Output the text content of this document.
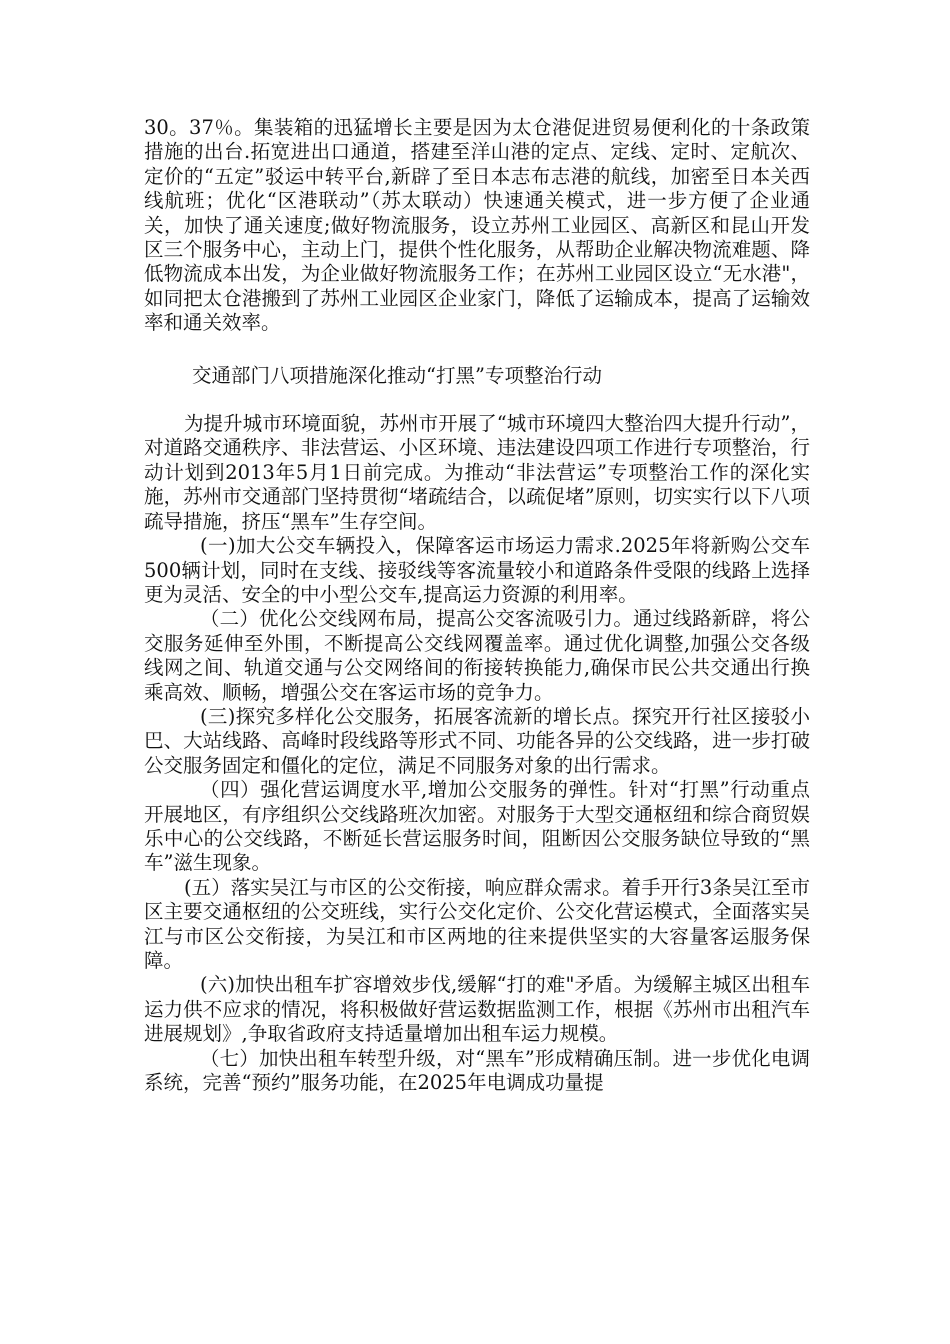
30。37％。集装箱的迅猛增长主要是因为太仓港促进贸易便利化的十条政策措施的出台.拓宽进出口通道，搭建至洋山港的定点、定线、定时、定航次、定价的“五定”驳运中转平台,新辟了至日本志布志港的航线，加密至日本关西线航班；优化“区港联动”（苏太联动）快速通关模式，进一步方便了企业通关，加快了通关速度;做好物流服务，设立苏州工业园区、高新区和昆山开发区三个服务中心，主动上门，提供个性化服务，从帮助企业解决物流难题、降低物流成本出发，为企业做好物流服务工作；在苏州工业园区设立“无水港"，如同把太仓港搬到了苏州工业园区企业家门，降低了运输成本，提高了运输效率和通关效率。

交通部门八项措施深化推动“打黑”专项整治行动

为提升城市环境面貌，苏州市开展了“城市环境四大整治四大提升行动”，对道路交通秩序、非法营运、小区环境、违法建设四项工作进行专项整治，行动计划到2013年5月1日前完成。为推动“非法营运”专项整治工作的深化实施，苏州市交通部门坚持贯彻“堵疏结合，以疏促堵”原则，切实实行以下八项疏导措施，挤压“黑车”生存空间。

(一)加大公交车辆投入，保障客运市场运力需求.2025年将新购公交车500辆计划，同时在支线、接驳线等客流量较小和道路条件受限的线路上选择更为灵活、安全的中小型公交车,提高运力资源的利用率。

（二）优化公交线网布局，提高公交客流吸引力。通过线路新辟，将公交服务延伸至外围，不断提高公交线网覆盖率。通过优化调整,加强公交各级线网之间、轨道交通与公交网络间的衔接转换能力,确保市民公共交通出行换乘高效、顺畅，增强公交在客运市场的竞争力。

(三)探究多样化公交服务，拓展客流新的增长点。探究开行社区接驳小巴、大站线路、高峰时段线路等形式不同、功能各异的公交线路，进一步打破公交服务固定和僵化的定位，满足不同服务对象的出行需求。

（四）强化营运调度水平,增加公交服务的弹性。针对“打黑”行动重点开展地区，有序组织公交线路班次加密。对服务于大型交通枢纽和综合商贸娱乐中心的公交线路，不断延长营运服务时间，阻断因公交服务缺位导致的“黑车”滋生现象。

(五）落实吴江与市区的公交衔接，响应群众需求。着手开行3条吴江至市区主要交通枢纽的公交班线，实行公交化定价、公交化营运模式，全面落实吴江与市区公交衔接，为吴江和市区两地的往来提供坚实的大容量客运服务保障。

(六)加快出租车扩容增效步伐,缓解“打的难"矛盾。为缓解主城区出租车运力供不应求的情况，将积极做好营运数据监测工作，根据《苏州市出租汽车进展规划》,争取省政府支持适量增加出租车运力规模。

（七）加快出租车转型升级，对“黑车”形成精确压制。进一步优化电调系统，完善“预约”服务功能，在2025年电调成功量提
